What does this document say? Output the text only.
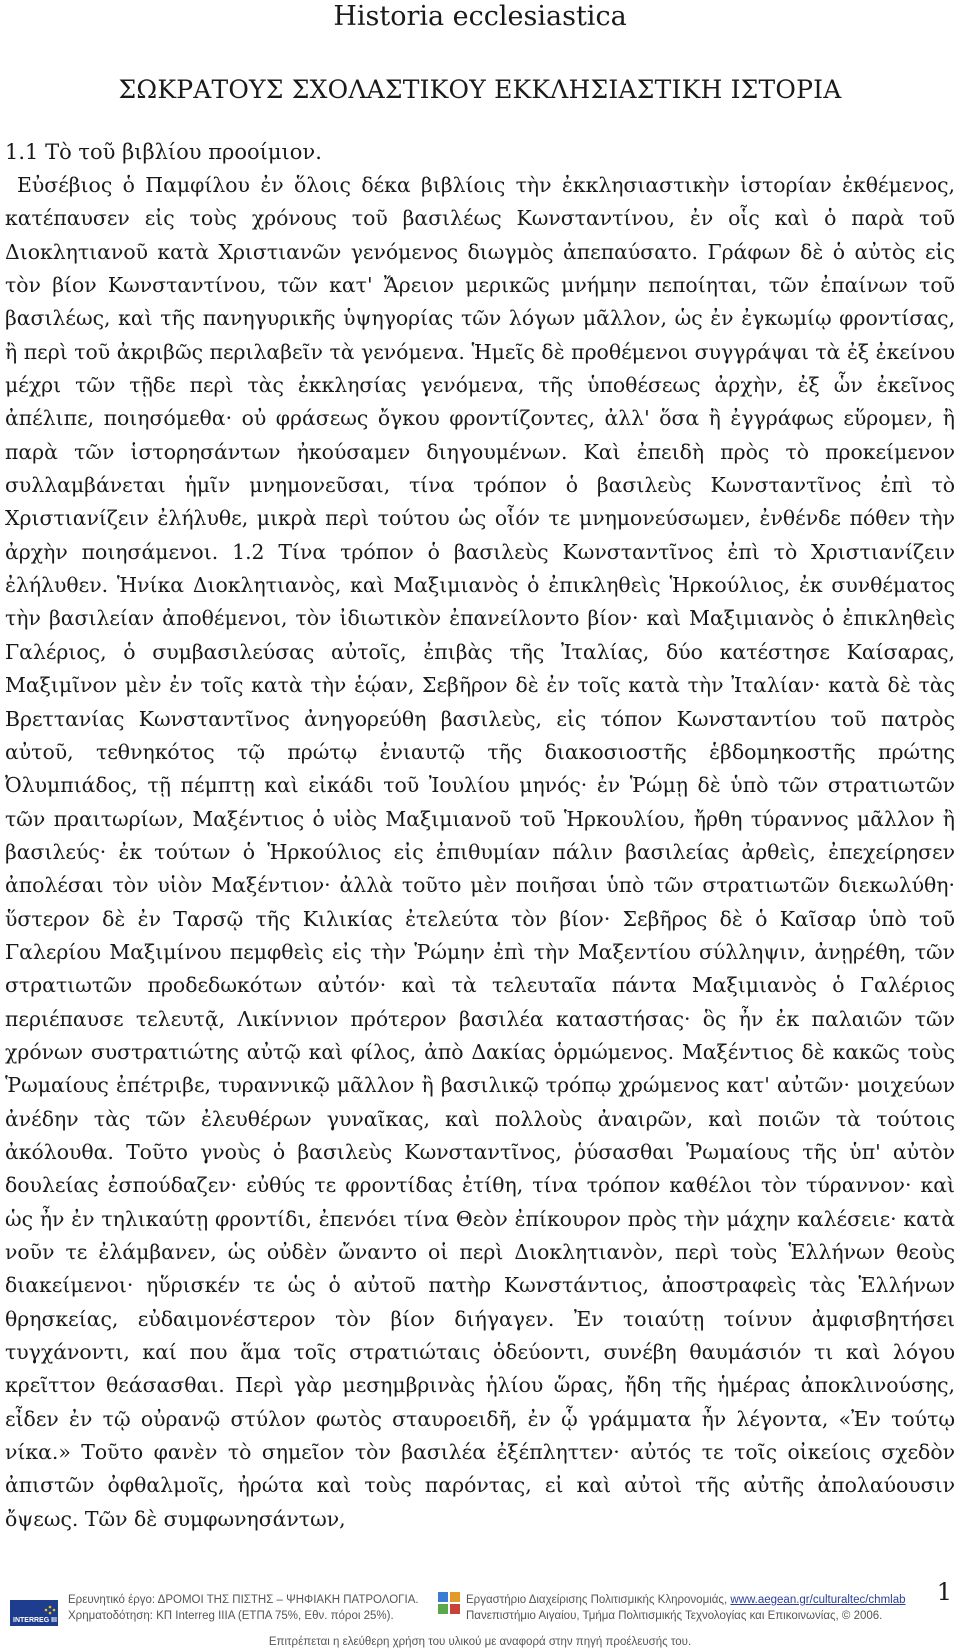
Historia ecclesiastica
ΣΩΚΡΑΤΟΥΣ ΣΧΟΛΑΣΤΙΚΟΥ ΕΚΚΛΗΣΙΑΣΤΙΚΗ ΙΣΤΟΡΙΑ
1.1 Τὸ τοῦ βιβλίου προοίμιον.
Εὐσέβιος ὁ Παμφίλου ἐν ὅλοις δέκα βιβλίοις τὴν ἐκκλησιαστικὴν ἱστορίαν ἐκθέμενος, κατέπαυσεν εἰς τοὺς χρόνους τοῦ βασιλέως Κωνσταντίνου, ἐν οἷς καὶ ὁ παρὰ τοῦ Διοκλητιανοῦ κατὰ Χριστιανῶν γενόμενος διωγμὸς ἀπεπαύσατο. Γράφων δὲ ὁ αὐτὸς εἰς τὸν βίον Κωνσταντίνου, τῶν κατ' Ἄρειον μερικῶς μνήμην πεποίηται, τῶν ἐπαίνων τοῦ βασιλέως, καὶ τῆς πανηγυρικῆς ὑψηγορίας τῶν λόγων μᾶλλον, ὡς ἐν ἐγκωμίῳ φροντίσας, ἢ περὶ τοῦ ἀκριβῶς περιλαβεῖν τὰ γενόμενα. Ἡμεῖς δὲ προθέμενοι συγγράψαι τὰ ἐξ ἐκείνου μέχρι τῶν τῇδε περὶ τὰς ἐκκλησίας γενόμενα, τῆς ὑποθέσεως ἀρχὴν, ἐξ ὧν ἐκεῖνος ἀπέλιπε, ποιησόμεθα· οὐ φράσεως ὄγκου φροντίζοντες, ἀλλ' ὅσα ἢ ἐγγράφως εὕρομεν, ἢ παρὰ τῶν ἱστορησάντων ἠκούσαμεν διηγουμένων. Καὶ ἐπειδὴ πρὸς τὸ προκείμενον συλλαμβάνεται ἡμῖν μνημονεῦσαι, τίνα τρόπον ὁ βασιλεὺς Κωνσταντῖνος ἐπὶ τὸ Χριστιανίζειν ἐλήλυθε, μικρὰ περὶ τούτου ὡς οἷόν τε μνημονεύσωμεν, ἐνθένδε πόθεν τὴν ἀρχὴν ποιησάμενοι. 1.2 Τίνα τρόπον ὁ βασιλεὺς Κωνσταντῖνος ἐπὶ τὸ Χριστιανίζειν ἐλήλυθεν. Ἡνίκα Διοκλητιανὸς, καὶ Μαξιμιανὸς ὁ ἐπικληθεὶς Ἡρκούλιος, ἐκ συνθέματος τὴν βασιλείαν ἀποθέμενοι, τὸν ἰδιωτικὸν ἐπανείλοντο βίον· καὶ Μαξιμιανὸς ὁ ἐπικληθεὶς Γαλέριος, ὁ συμβασιλεύσας αὐτοῖς, ἐπιβὰς τῆς Ἰταλίας, δύο κατέστησε Καίσαρας, Μαξιμῖνον μὲν ἐν τοῖς κατὰ τὴν ἑῴαν, Σεβῆρον δὲ ἐν τοῖς κατὰ τὴν Ἰταλίαν· κατὰ δὲ τὰς Βρεττανίας Κωνσταντῖνος ἀνηγορεύθη βασιλεὺς, εἰς τόπον Κωνσταντίου τοῦ πατρὸς αὐτοῦ, τεθνηκότος τῷ πρώτῳ ἐνιαυτῷ τῆς διακοσιοστῆς ἑβδομηκοστῆς πρώτης Ὀλυμπιάδος, τῇ πέμπτῃ καὶ εἰκάδι τοῦ Ἰουλίου μηνός· ἐν Ῥώμῃ δὲ ὑπὸ τῶν στρατιωτῶν τῶν πραιτωρίων, Μαξέντιος ὁ υἱὸς Μαξιμιανοῦ τοῦ Ἡρκουλίου, ἤρθη τύραννος μᾶλλον ἢ βασιλεύς· ἐκ τούτων ὁ Ἡρκούλιος εἰς ἐπιθυμίαν πάλιν βασιλείας ἀρθεὶς, ἐπεχείρησεν ἀπολέσαι τὸν υἱὸν Μαξέντιον· ἀλλὰ τοῦτο μὲν ποιῆσαι ὑπὸ τῶν στρατιωτῶν διεκωλύθη· ὕστερον δὲ ἐν Ταρσῷ τῆς Κιλικίας ἐτελεύτα τὸν βίον· Σεβῆρος δὲ ὁ Καῖσαρ ὑπὸ τοῦ Γαλερίου Μαξιμίνου πεμφθεὶς εἰς τὴν Ῥώμην ἐπὶ τὴν Μαξεντίου σύλληψιν, ἀνῃρέθη, τῶν στρατιωτῶν προδεδωκότων αὐτόν· καὶ τὰ τελευταῖα πάντα Μαξιμιανὸς ὁ Γαλέριος περιέπαυσε τελευτᾷ, Λικίννιον πρότερον βασιλέα καταστήσας· ὃς ἦν ἐκ παλαιῶν τῶν χρόνων συστρατιώτης αὐτῷ καὶ φίλος, ἀπὸ Δακίας ὁρμώμενος. Μαξέντιος δὲ κακῶς τοὺς Ῥωμαίους ἐπέτριβε, τυραννικῷ μᾶλλον ἢ βασιλικῷ τρόπῳ χρώμενος κατ' αὐτῶν· μοιχεύων ἀνέδην τὰς τῶν ἐλευθέρων γυναῖκας, καὶ πολλοὺς ἀναιρῶν, καὶ ποιῶν τὰ τούτοις ἀκόλουθα. Τοῦτο γνοὺς ὁ βασιλεὺς Κωνσταντῖνος, ῥύσασθαι Ῥωμαίους τῆς ὑπ' αὐτὸν δουλείας ἐσπούδαζεν· εὐθύς τε φροντίδας ἐτίθη, τίνα τρόπον καθέλοι τὸν τύραννον· καὶ ὡς ἦν ἐν τηλικαύτῃ φροντίδι, ἐπενόει τίνα Θεὸν ἐπίκουρον πρὸς τὴν μάχην καλέσειε· κατὰ νοῦν τε ἐλάμβανεν, ὡς οὐδὲν ὤναντο οἱ περὶ Διοκλητιανὸν, περὶ τοὺς Ἑλλήνων θεοὺς διακείμενοι· ηὕρισκέν τε ὡς ὁ αὐτοῦ πατὴρ Κωνστάντιος, ἀποστραφεὶς τὰς Ἑλλήνων θρησκείας, εὐδαιμονέστερον τὸν βίον διήγαγεν. Ἐν τοιαύτῃ τοίνυν ἀμφισβητήσει τυγχάνοντι, καί που ἅμα τοῖς στρατιώταις ὁδεύοντι, συνέβη θαυμάσιόν τι καὶ λόγου κρεῖττον θεάσασθαι. Περὶ γὰρ μεσημβρινὰς ἡλίου ὥρας, ἤδη τῆς ἡμέρας ἀποκλινούσης, εἶδεν ἐν τῷ οὐρανῷ στύλον φωτὸς σταυροειδῆ, ἐν ᾧ γράμματα ἦν λέγοντα, «Ἐν τούτῳ νίκα.» Τοῦτο φανὲν τὸ σημεῖον τὸν βασιλέα ἐξέπληττεν· αὐτός τε τοῖς οἰκείοις σχεδὸν ἀπιστῶν ὀφθαλμοῖς, ἠρώτα καὶ τοὺς παρόντας, εἰ καὶ αὐτοὶ τῆς αὐτῆς ἀπολαύουσιν ὄψεως. Τῶν δὲ συμφωνησάντων,
1
INTERREG III
Ερευνητικό έργο: ΔΡΟΜΟΙ ΤΗΣ ΠΙΣΤΗΣ – ΨΗΦΙΑΚΗ ΠΑΤΡΟΛΟΓΙΑ.
Χρηματοδότηση: ΚΠ Interreg IIIA (ΕΤΠΑ 75%, Εθν. πόροι 25%).
Εργαστήριο Διαχείρισης Πολιτισμικής Κληρονομιάς, www.aegean.gr/culturaltec/chmlab
Πανεπιστήμιο Αιγαίου, Τμήμα Πολιτισμικής Τεχνολογίας και Επικοινωνίας, © 2006.
Επιτρέπεται η ελεύθερη χρήση του υλικού με αναφορά στην πηγή προέλευσής του.
